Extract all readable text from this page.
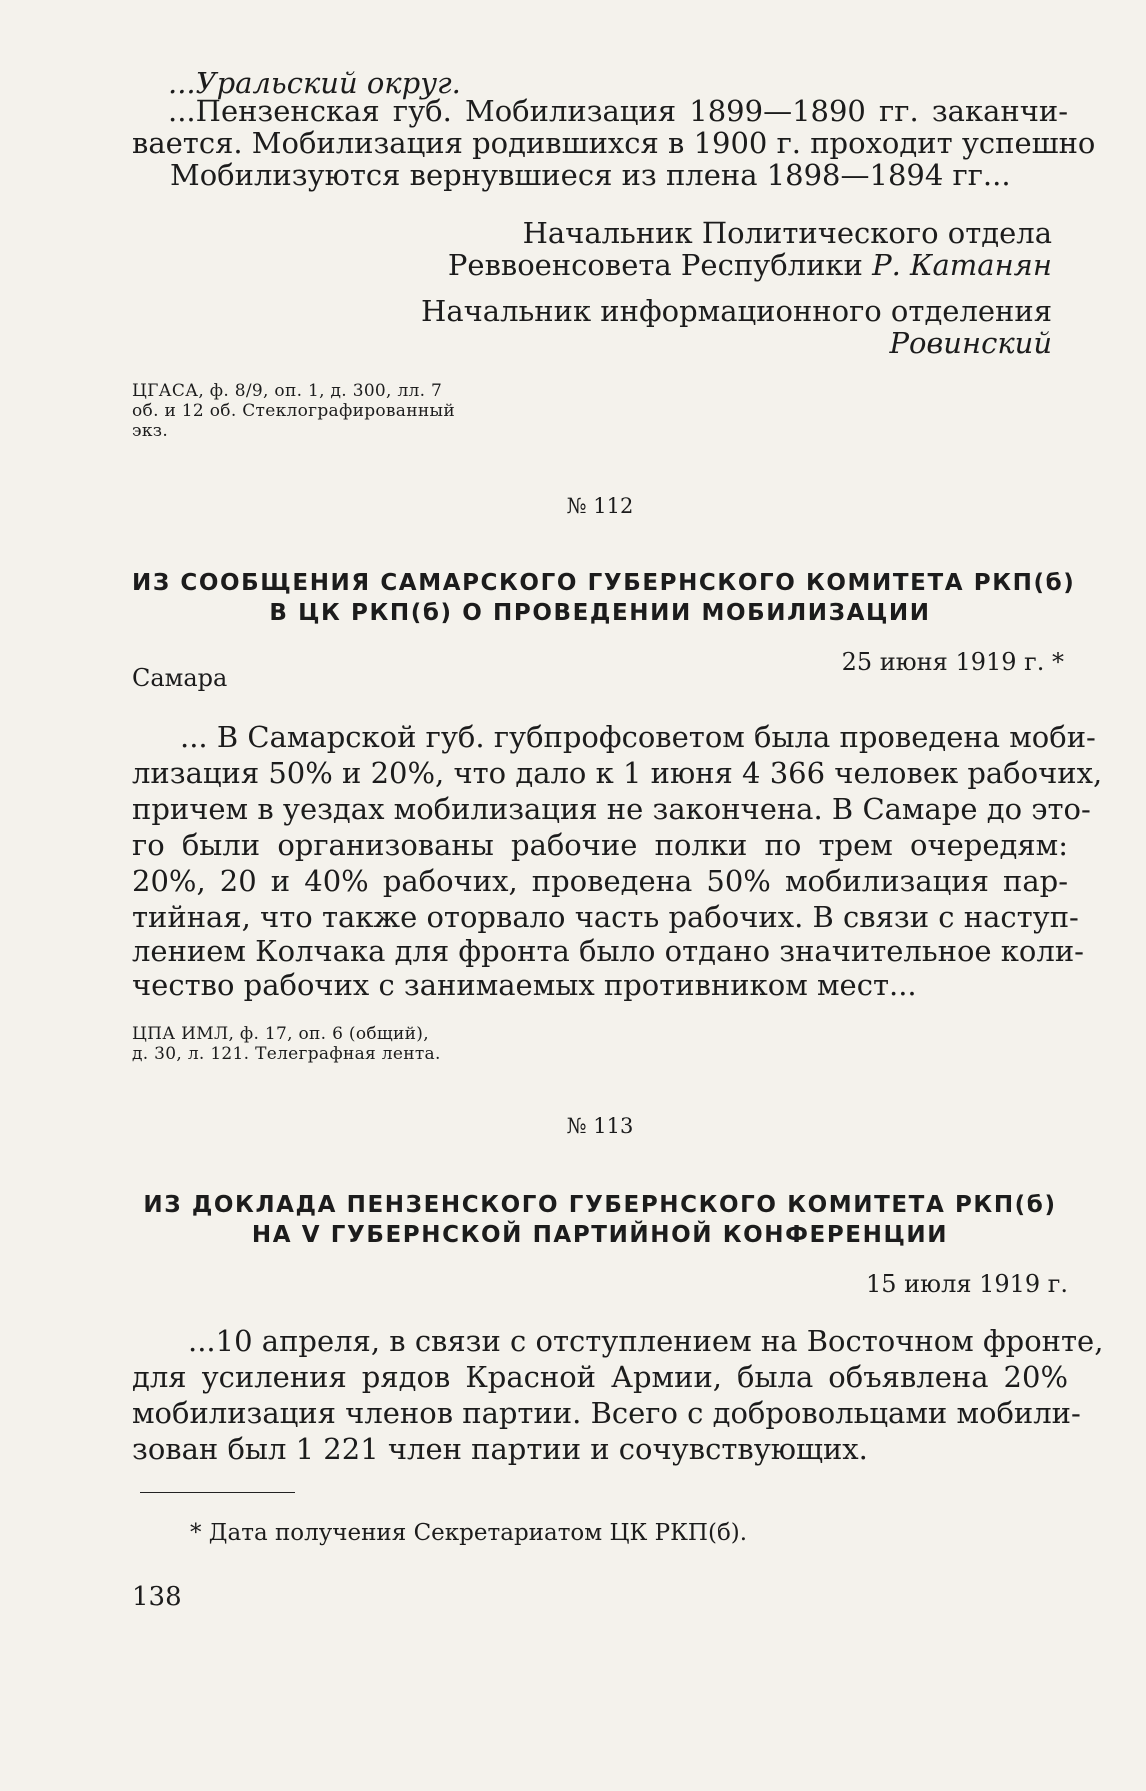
...Уральский округ.
...Пензенская губ. Мобилизация 1899—1890 гг. заканчи-
вается. Мобилизация родившихся в 1900 г. проходит успешно
Мобилизуются вернувшиеся из плена 1898—1894 гг...
Начальник Политического отдела
Реввоенсовета Республики Р. Катанян
Начальник информационного отделения
Ровинский
ЦГАСА, ф. 8/9, оп. 1, д. 300, лл. 7
об. и 12 об. Стеклографированный
экз.
№ 112
ИЗ СООБЩЕНИЯ САМАРСКОГО ГУБЕРНСКОГО КОМИТЕТА РКП(б)
В ЦК РКП(б) О ПРОВЕДЕНИИ МОБИЛИЗАЦИИ
Самара
25 июня 1919 г. *
... В Самарской губ. губпрофсоветом была проведена моби-
лизация 50% и 20%, что дало к 1 июня 4 366 человек рабочих,
причем в уездах мобилизация не закончена. В Самаре до это-
го были организованы рабочие полки по трем очередям:
20%, 20 и 40% рабочих, проведена 50% мобилизация пар-
тийная, что также оторвало часть рабочих. В связи с наступ-
лением Колчака для фронта было отдано значительное коли-
чество рабочих с занимаемых противником мест...
ЦПА ИМЛ, ф. 17, оп. 6 (общий),
д. 30, л. 121. Телеграфная лента.
№ 113
ИЗ ДОКЛАДА ПЕНЗЕНСКОГО ГУБЕРНСКОГО КОМИТЕТА РКП(б)
НА V ГУБЕРНСКОЙ ПАРТИЙНОЙ КОНФЕРЕНЦИИ
15 июля 1919 г.
...10 апреля, в связи с отступлением на Восточном фронте,
для усиления рядов Красной Армии, была объявлена 20%
мобилизация членов партии. Всего с добровольцами мобили-
зован был 1 221 член партии и сочувствующих.
* Дата получения Секретариатом ЦК РКП(б).
138
